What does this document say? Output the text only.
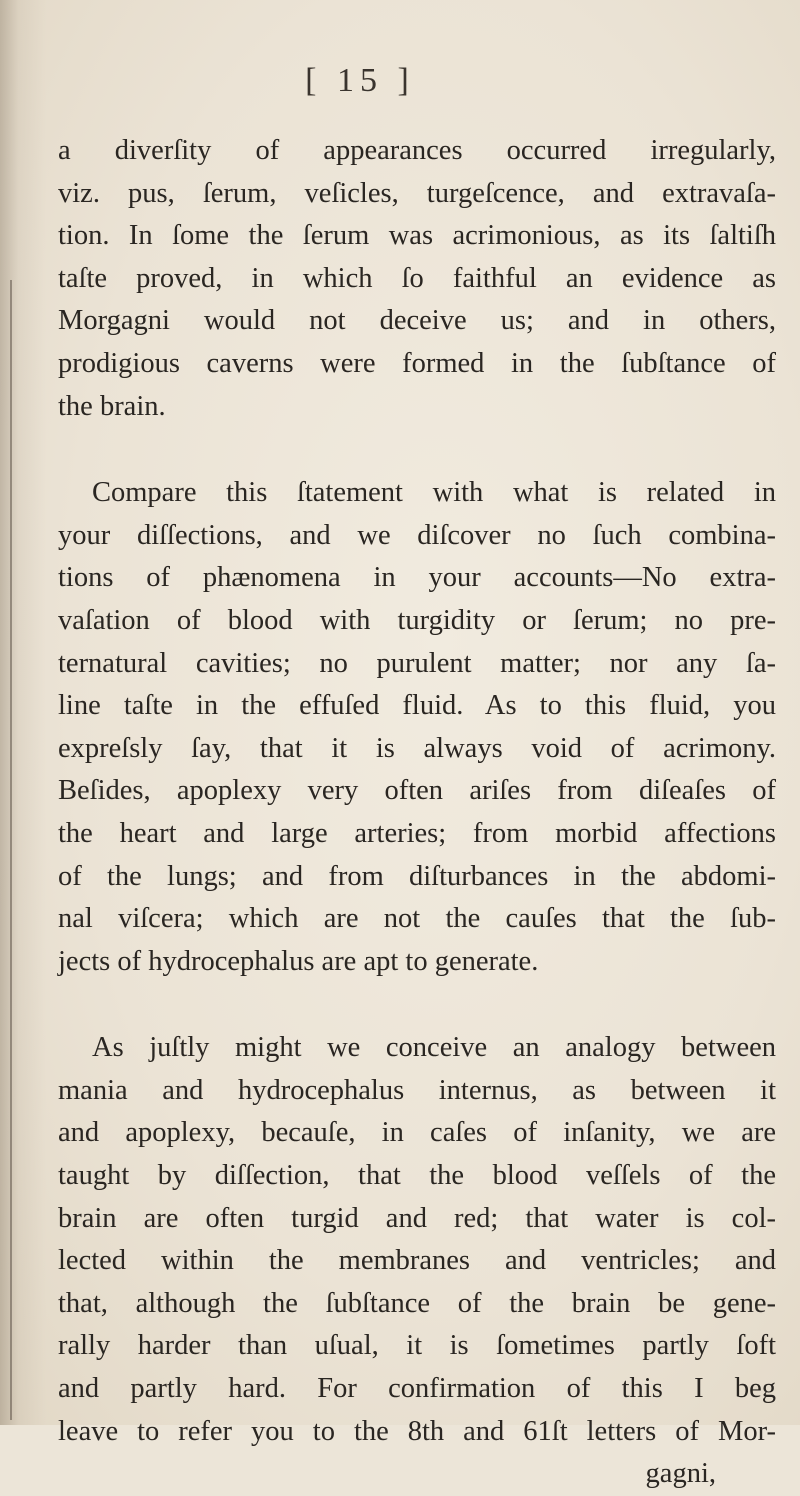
[ 15 ]
a diverſity of appearances occurred irregularly,
viz. pus, ſerum, veſicles, turgeſcence, and extravaſa-
tion. In ſome the ſerum was acrimonious, as its ſaltiſh
taſte proved, in which ſo faithful an evidence as
Morgagni would not deceive us; and in others,
prodigious caverns were formed in the ſubſtance of
the brain.
Compare this ſtatement with what is related in
your diſſections, and we diſcover no ſuch combina-
tions of phænomena in your accounts—No extra-
vaſation of blood with turgidity or ſerum; no pre-
ternatural cavities; no purulent matter; nor any ſa-
line taſte in the effuſed fluid. As to this fluid, you
expreſsly ſay, that it is always void of acrimony.
Beſides, apoplexy very often ariſes from diſeaſes of
the heart and large arteries; from morbid affections
of the lungs; and from diſturbances in the abdomi-
nal viſcera; which are not the cauſes that the ſub-
jects of hydrocephalus are apt to generate.
As juſtly might we conceive an analogy between
mania and hydrocephalus internus, as between it
and apoplexy, becauſe, in caſes of inſanity, we are
taught by diſſection, that the blood veſſels of the
brain are often turgid and red; that water is col-
lected within the membranes and ventricles; and
that, although the ſubſtance of the brain be gene-
rally harder than uſual, it is ſometimes partly ſoft
and partly hard. For confirmation of this I beg
leave to refer you to the 8th and 61ſt letters of Mor-
gagni,
